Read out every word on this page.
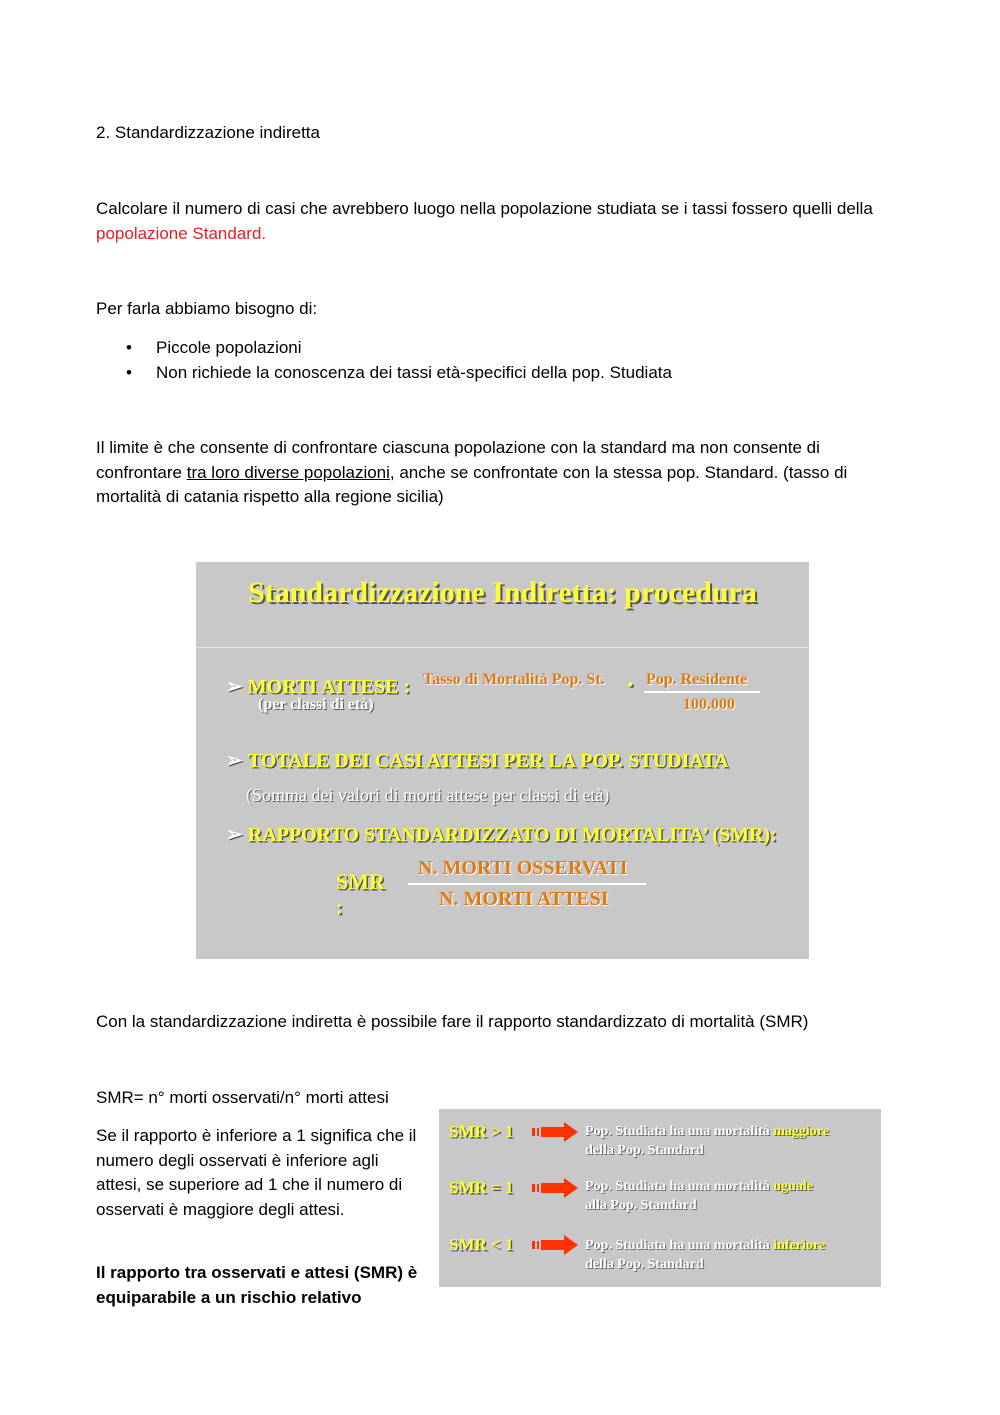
2. Standardizzazione indiretta
Calcolare il numero di casi che avrebbero luogo nella popolazione studiata se i tassi fossero quelli della popolazione Standard.
Per farla abbiamo bisogno di:
• Piccole popolazioni
• Non richiede la conoscenza dei tassi età-specifici della pop. Studiata
Il limite è che consente di confrontare ciascuna popolazione con la standard ma non consente di confrontare tra loro diverse popolazioni, anche se confrontate con la stessa pop. Standard. (tasso di mortalità di catania rispetto alla regione sicilia)
Standardizzazione Indiretta: procedura
➢ MORTI ATTESE :
(per classi di età)
Tasso di Mortalità Pop. St. · Pop. Residente
100.000
➢ TOTALE DEI CASI ATTESI PER LA POP. STUDIATA
(Somma dei valori di morti attese per classi di età)
➢ RAPPORTO STANDARDIZZATO DI MORTALITA’ (SMR):
SMR
:
N. MORTI OSSERVATI
N. MORTI ATTESI
Con la standardizzazione indiretta è possibile fare il rapporto standardizzato di mortalità (SMR)
SMR= n° morti osservati/n° morti attesi
Se il rapporto è inferiore a 1 significa che il numero degli osservati è inferiore agli attesi, se superiore ad 1 che il numero di osservati è maggiore degli attesi.
Il rapporto tra osservati e attesi (SMR) è equiparabile a un rischio relativo
SMR > 1	Pop. Studiata ha una mortalità maggiore
della Pop. Standard
SMR = 1	Pop. Studiata ha una mortalità uguale
alla Pop. Standard
SMR < 1	Pop. Studiata ha una mortalità inferiore
della Pop. Standard
